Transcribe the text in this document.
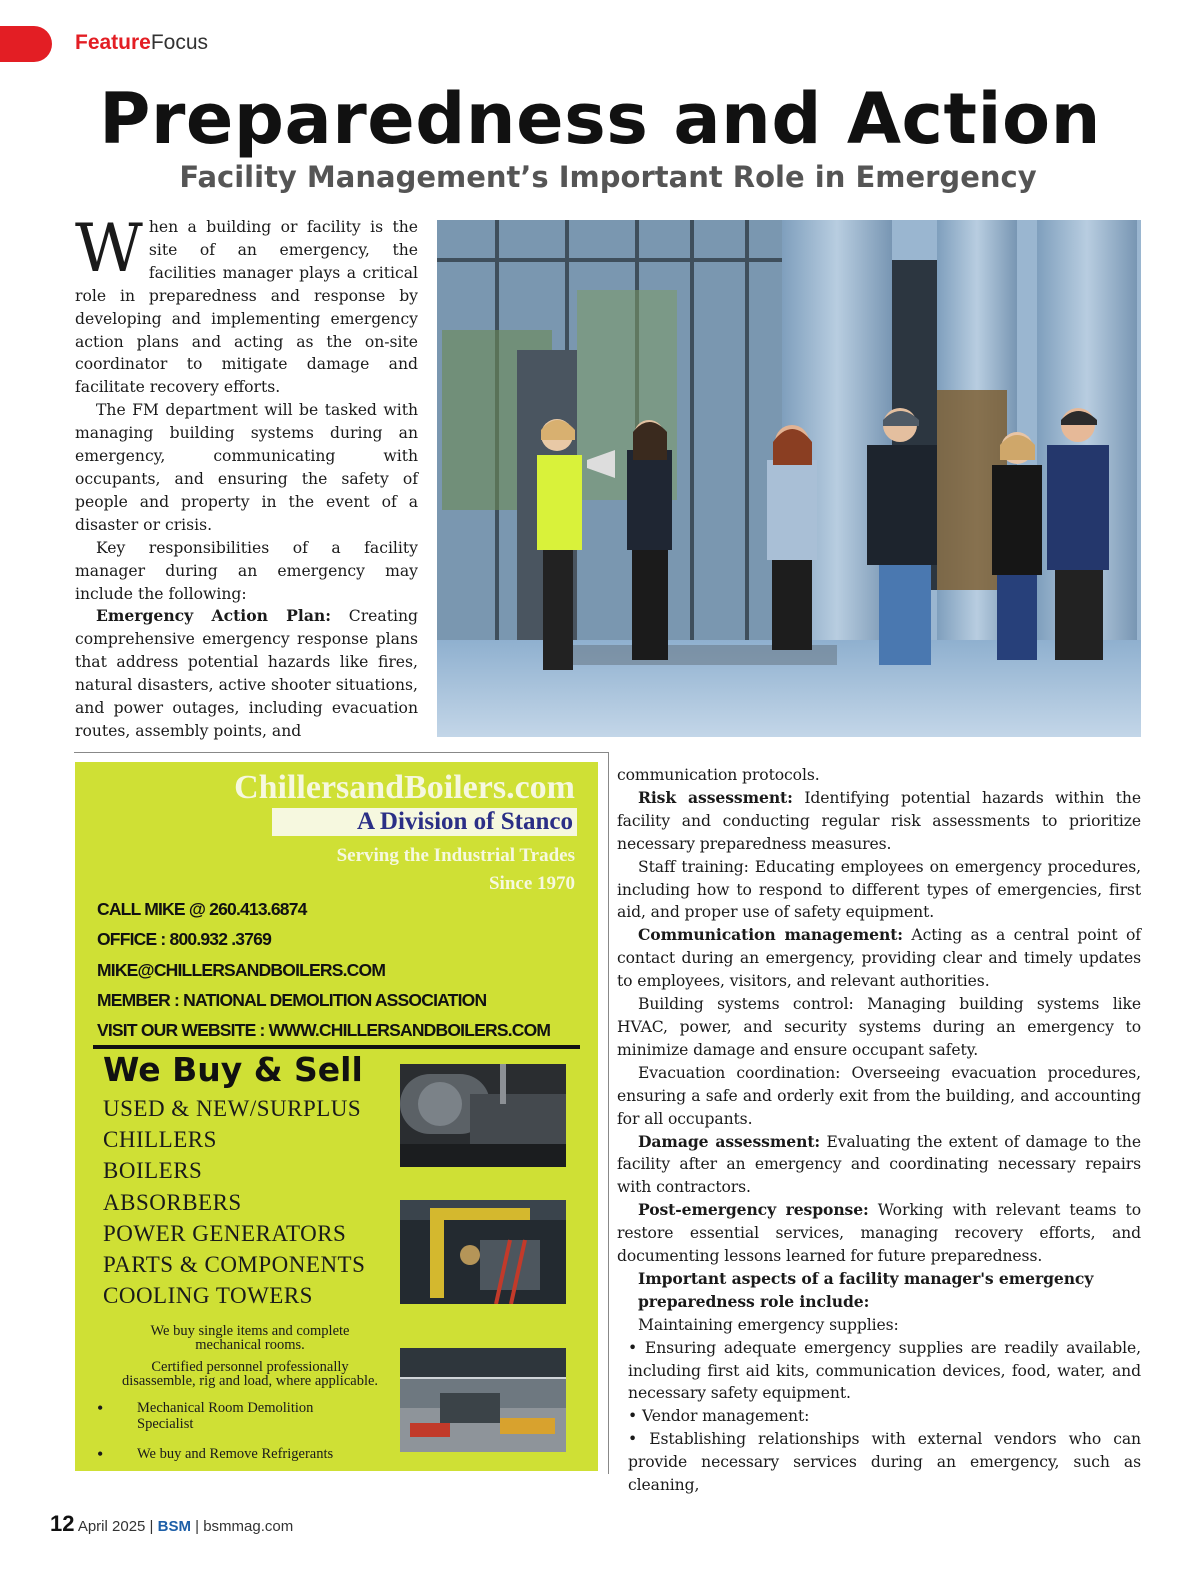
FeatureFocus
Preparedness and Action
Facility Management’s Important Role in Emergency

When a building or facility is the site of an emergency, the facilities manager plays a critical role in preparedness and response by developing and implementing emergency action plans and acting as the on-site coordinator to mitigate damage and facilitate recovery efforts.

The FM department will be tasked with managing building systems during an emergency, communicating with occupants, and ensuring the safety of people and property in the event of a disaster or crisis.

Key responsibilities of a facility manager during an emergency may include the following:

Emergency Action Plan: Creating comprehensive emergency response plans that address potential hazards like fires, natural disasters, active shooter situations, and power outages, including evacuation routes, assembly points, and

ChillersandBoilers.com
A Division of Stanco
Serving the Industrial Trades
Since 1970
CALL MIKE @ 260.413.6874
OFFICE : 800.932 .3769
MIKE@CHILLERSANDBOILERS.COM
MEMBER : NATIONAL DEMOLITION ASSOCIATION
VISIT OUR WEBSITE : WWW.CHILLERSANDBOILERS.COM
We Buy & Sell
USED & NEW/SURPLUS
CHILLERS
BOILERS
ABSORBERS
POWER GENERATORS
PARTS & COMPONENTS
COOLING TOWERS
We buy single items and complete
mechanical rooms.
Certified personnel professionally
disassemble, rig and load, where applicable.
• Mechanical Room Demolition
Specialist
• We buy and Remove Refrigerants

communication protocols.

Risk assessment: Identifying potential hazards within the facility and conducting regular risk assessments to prioritize necessary preparedness measures.

Staff training: Educating employees on emergency procedures, including how to respond to different types of emergencies, first aid, and proper use of safety equipment.

Communication management: Acting as a central point of contact during an emergency, providing clear and timely updates to employees, visitors, and relevant authorities.

Building systems control: Managing building systems like HVAC, power, and security systems during an emergency to minimize damage and ensure occupant safety.

Evacuation coordination: Overseeing evacuation procedures, ensuring a safe and orderly exit from the building, and accounting for all occupants.

Damage assessment: Evaluating the extent of damage to the facility after an emergency and coordinating necessary repairs with contractors.

Post-emergency response: Working with relevant teams to restore essential services, managing recovery efforts, and documenting lessons learned for future preparedness.

Important aspects of a facility manager's emergency preparedness role include:

Maintaining emergency supplies:

• Ensuring adequate emergency supplies are readily available, including first aid kits, communication devices, food, water, and necessary safety equipment.

• Vendor management:

• Establishing relationships with external vendors who can provide necessary services during an emergency, such as cleaning,

12 April 2025 | BSM | bsmmag.com
